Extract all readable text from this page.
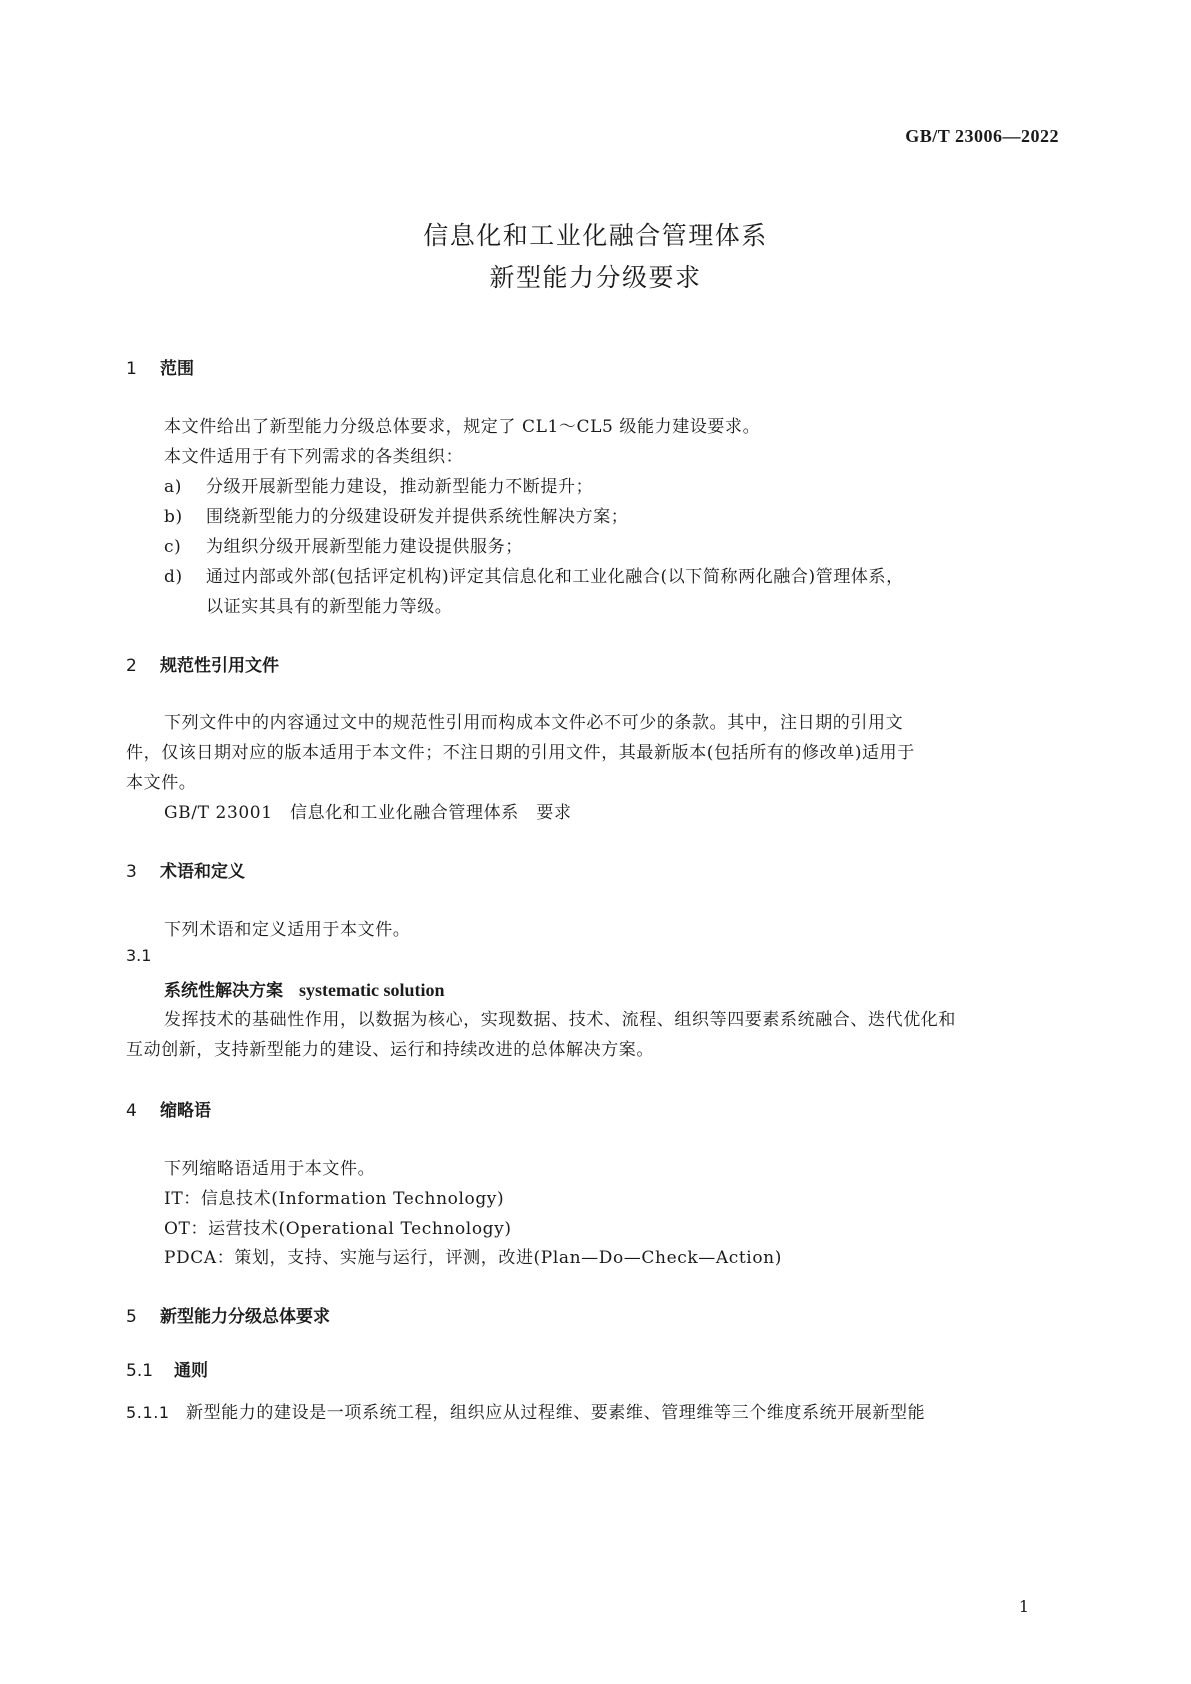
GB/T 23006—2022
信息化和工业化融合管理体系
新型能力分级要求
1 范围
本文件给出了新型能力分级总体要求，规定了 CL1～CL5 级能力建设要求。
本文件适用于有下列需求的各类组织：
a) 分级开展新型能力建设，推动新型能力不断提升；
b) 围绕新型能力的分级建设研发并提供系统性解决方案；
c) 为组织分级开展新型能力建设提供服务；
d) 通过内部或外部(包括评定机构)评定其信息化和工业化融合(以下简称两化融合)管理体系，
以证实其具有的新型能力等级。
2 规范性引用文件
下列文件中的内容通过文中的规范性引用而构成本文件必不可少的条款。其中，注日期的引用文
件，仅该日期对应的版本适用于本文件；不注日期的引用文件，其最新版本(包括所有的修改单)适用于
本文件。
GB/T 23001 信息化和工业化融合管理体系　要求
3 术语和定义
下列术语和定义适用于本文件。
3.1
系统性解决方案 systematic solution
发挥技术的基础性作用，以数据为核心，实现数据、技术、流程、组织等四要素系统融合、迭代优化和
互动创新，支持新型能力的建设、运行和持续改进的总体解决方案。
4 缩略语
下列缩略语适用于本文件。
IT：信息技术(Information Technology)
OT：运营技术(Operational Technology)
PDCA：策划，支持、实施与运行，评测，改进(Plan—Do—Check—Action)
5 新型能力分级总体要求
5.1 通则
5.1.1 新型能力的建设是一项系统工程，组织应从过程维、要素维、管理维等三个维度系统开展新型能
1
